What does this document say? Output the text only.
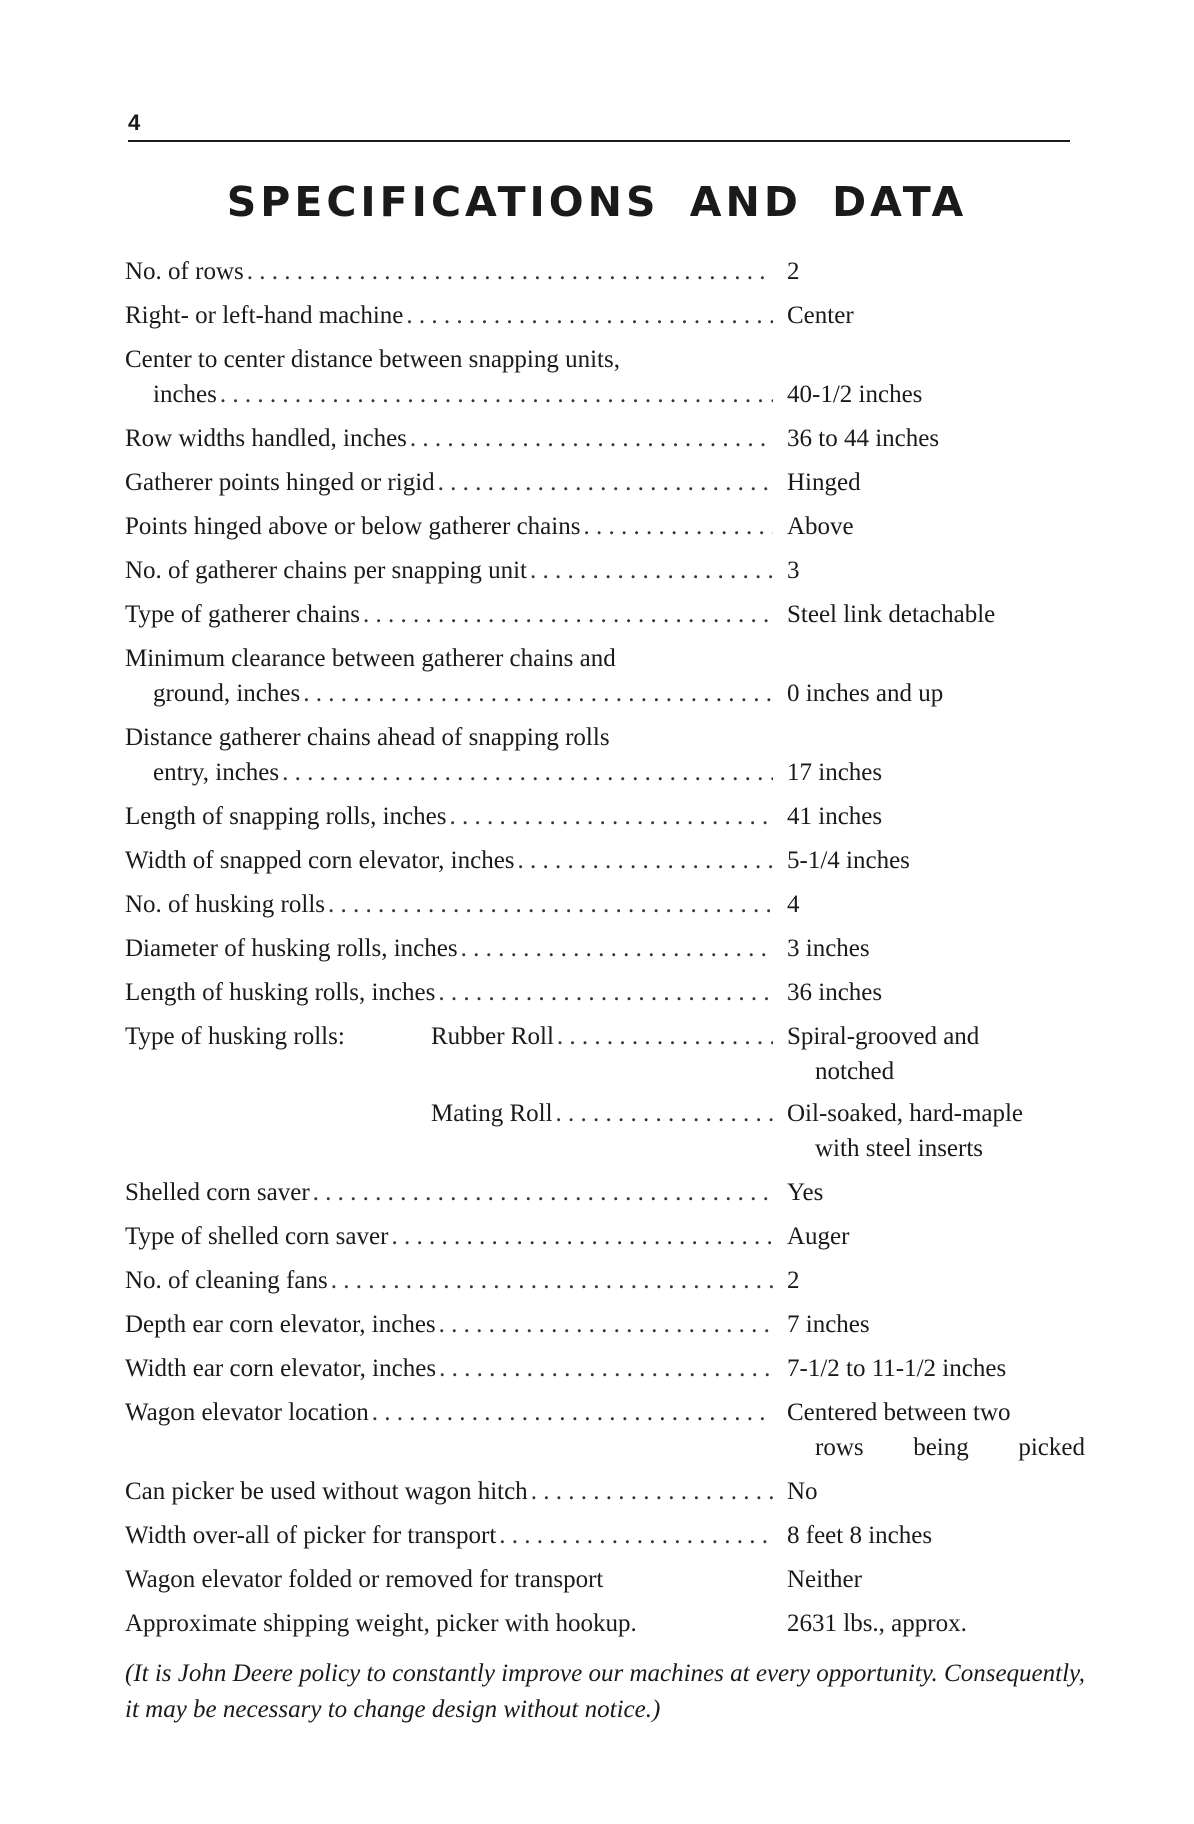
4
SPECIFICATIONS AND DATA
No. of rows . . .	2
Right- or left-hand machine . . .	Center
Center to center distance between snapping units,
inches . . .	40-1/2 inches
Row widths handled, inches . . .	36 to 44 inches
Gatherer points hinged or rigid . . .	Hinged
Points hinged above or below gatherer chains . . .	Above
No. of gatherer chains per snapping unit . . .	3
Type of gatherer chains . . .	Steel link detachable
Minimum clearance between gatherer chains and
ground, inches . . .	0 inches and up
Distance gatherer chains ahead of snapping rolls
entry, inches . . .	17 inches
Length of snapping rolls, inches . . .	41 inches
Width of snapped corn elevator, inches . . .	5-1/4 inches
No. of husking rolls . . .	4
Diameter of husking rolls, inches . . .	3 inches
Length of husking rolls, inches . . .	36 inches
Type of husking rolls:	Rubber Roll . . .	Spiral-grooved and
notched
Mating Roll . . .	Oil-soaked, hard-maple
with steel inserts
Shelled corn saver . . .	Yes
Type of shelled corn saver . . .	Auger
No. of cleaning fans . . .	2
Depth ear corn elevator, inches . . .	7 inches
Width ear corn elevator, inches . . .	7-1/2 to 11-1/2 inches
Wagon elevator location . . .	Centered between two
rows being picked
Can picker be used without wagon hitch . . .	No
Width over-all of picker for transport . . .	8 feet 8 inches
Wagon elevator folded or removed for transport	Neither
Approximate shipping weight, picker with hookup.	2631 lbs., approx.
(It is John Deere policy to constantly improve our machines at every opportunity. Consequently, it may be necessary to change design without notice.)
